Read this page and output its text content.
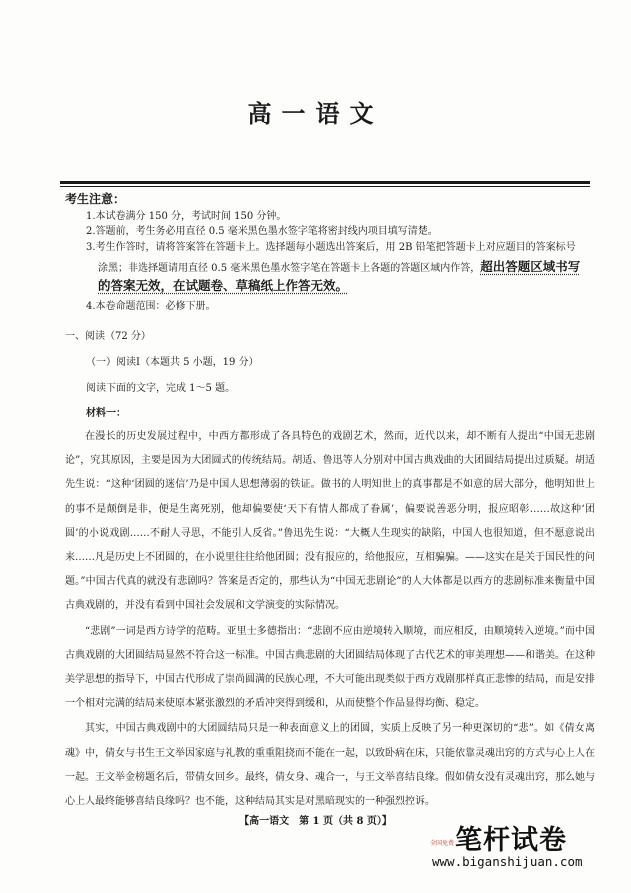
高一语文
考生注意：
1.本试卷满分 150 分，考试时间 150 分钟。
2.答题前，考生务必用直径 0.5 毫米黑色墨水签字笔将密封线内项目填写清楚。
3.考生作答时，请将答案答在答题卡上。选择题每小题选出答案后，用 2B 铅笔把答题卡上对应题目的答案标号
涂黑；非选择题请用直径 0.5 毫米黑色墨水签字笔在答题卡上各题的答题区域内作答，超出答题区域书写
的答案无效，在试题卷、草稿纸上作答无效。
4.本卷命题范围：必修下册。
一、阅读（72 分）
（一）阅读Ⅰ（本题共 5 小题，19 分）
阅读下面的文字，完成 1～5 题。
材料一：

在漫长的历史发展过程中，中西方都形成了各具特色的戏剧艺术，然而，近代以来，却不断有人提出“中国无悲剧论”，究其原因，主要是因为大团圆式的传统结局。胡适、鲁迅等人分别对中国古典戏曲的大团圆结局提出过质疑。胡适先生说：“这种‘团圆的迷信’乃是中国人思想薄弱的铁证。做书的人明知世上的真事都是不如意的居大部分，他明知世上的事不是颠倒是非，便是生离死别，他却偏要使‘天下有情人都成了眷属’，偏要说善恶分明，报应昭彰……故这种‘团圆’的小说戏剧……不耐人寻思，不能引人反省。”鲁迅先生说：“大概人生现实的缺陷，中国人也很知道，但不愿意说出来……凡是历史上不团圆的，在小说里往往给他团圆；没有报应的，给他报应，互相骗骗。——这实在是关于国民性的问题。”中国古代真的就没有悲剧吗？答案是否定的，那些认为“中国无悲剧论”的人大体都是以西方的悲剧标准来衡量中国古典戏剧的，并没有看到中国社会发展和文学演变的实际情况。

“悲剧”一词是西方诗学的范畴。亚里士多德指出：“悲剧不应由逆境转入顺境，而应相反，由顺境转入逆境。”而中国古典戏剧的大团圆结局显然不符合这一标准。中国古典悲剧的大团圆结局体现了古代艺术的审美理想——和谐美。在这种美学思想的指导下，中国古代形成了崇尚圆满的民族心理，不大可能出现类似于西方戏剧那样真正悲惨的结局，而是安排一个相对完满的结局来使原本紧张激烈的矛盾冲突得到缓和，从而使整个作品显得均衡、稳定。

其实，中国古典戏剧中的大团圆结局只是一种表面意义上的团圆，实质上反映了另一种更深切的“悲”。如《倩女离魂》中，倩女与书生王文举因家庭与礼教的重重阻挠而不能在一起，以致卧病在床，只能依靠灵魂出窍的方式与心上人在一起。王文举金榜题名后，带倩女回乡。最终，倩女身、魂合一，与王文举喜结良缘。假如倩女没有灵魂出窍，那么她与心上人最终能够喜结良缘吗？也不能，这种结局其实是对黑暗现实的一种强烈控诉。

【高一语文　第 1 页（共 8 页）】
笔杆试卷
全国免费
www.biganshijuan.com
